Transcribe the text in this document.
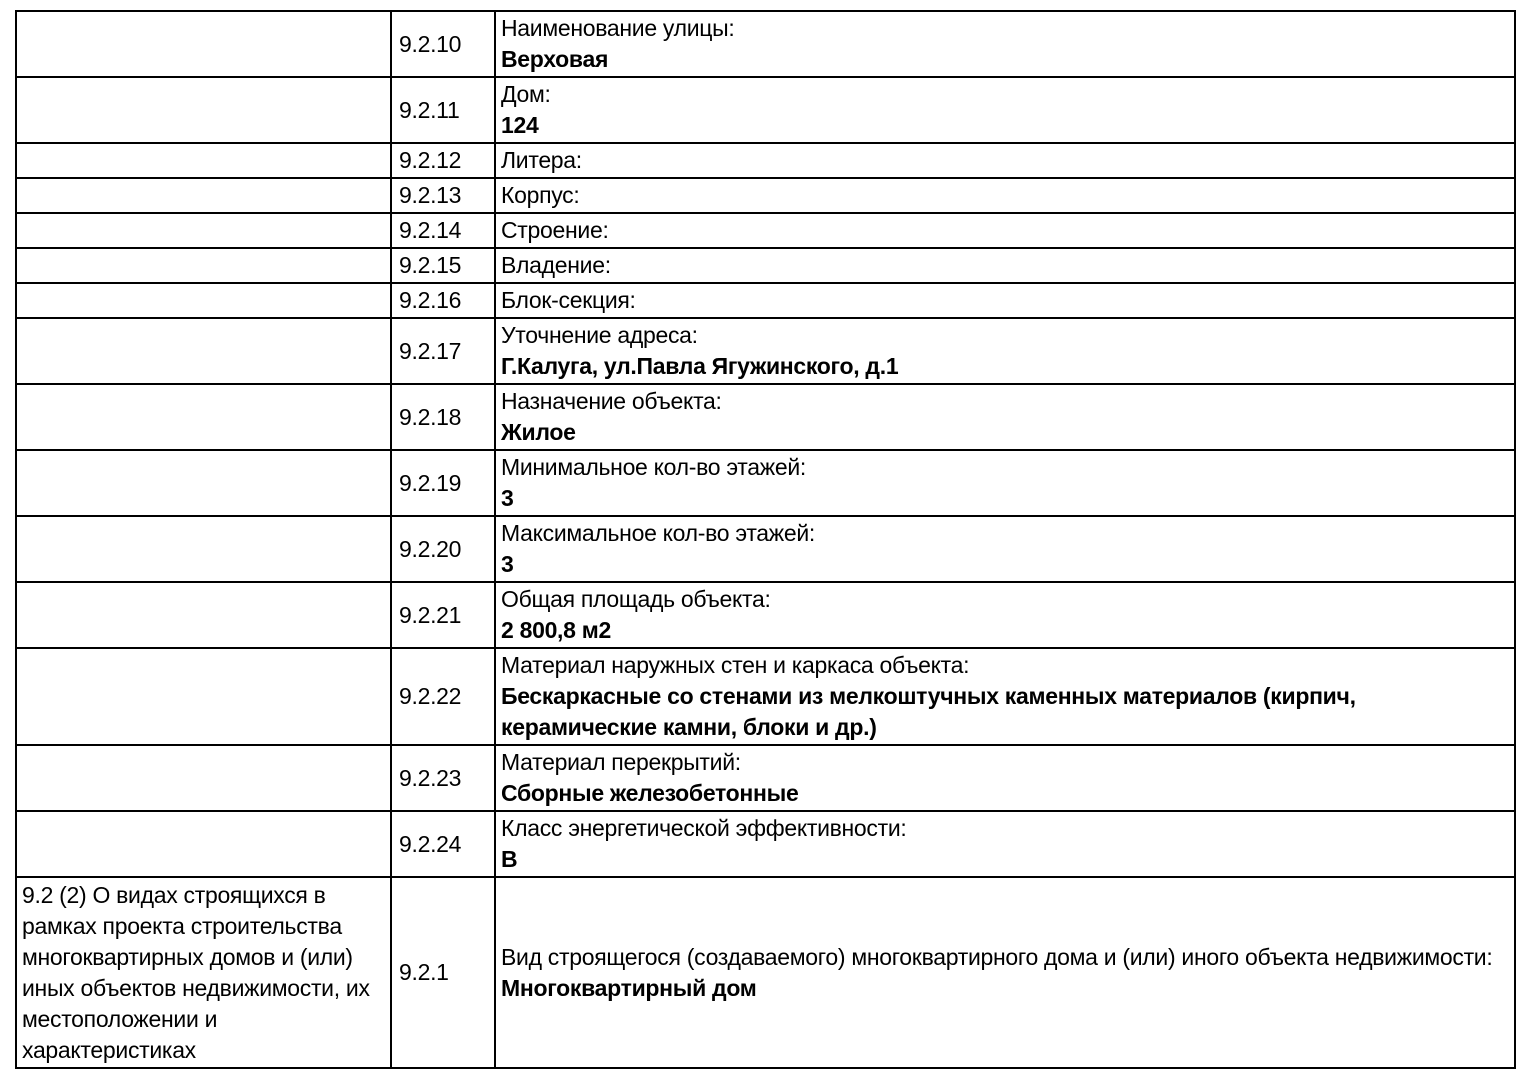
	9.2.10	Наименование улицы:
Верховая

	9.2.11	Дом:
124

	9.2.12	Литера:

	9.2.13	Корпус:

	9.2.14	Строение:

	9.2.15	Владение:

	9.2.16	Блок-секция:

	9.2.17	Уточнение адреса:
Г.Калуга, ул.Павла Ягужинского, д.1

	9.2.18	Назначение объекта:
Жилое

	9.2.19	Минимальное кол-во этажей:
3

	9.2.20	Максимальное кол-во этажей:
3

	9.2.21	Общая площадь объекта:
2 800,8 м2

	9.2.22	Материал наружных стен и каркаса объекта:
Бескаркасные со стенами из мелкоштучных каменных материалов (кирпич, керамические камни, блоки и др.)

	9.2.23	Материал перекрытий:
Сборные железобетонные

	9.2.24	Класс энергетической эффективности:
В

9.2 (2) О видах строящихся в рамках проекта строительства многоквартирных домов и (или) иных объектов недвижимости, их местоположении и характеристиках	9.2.1	Вид строящегося (создаваемого) многоквартирного дома и (или) иного объекта недвижимости:
Многоквартирный дом
